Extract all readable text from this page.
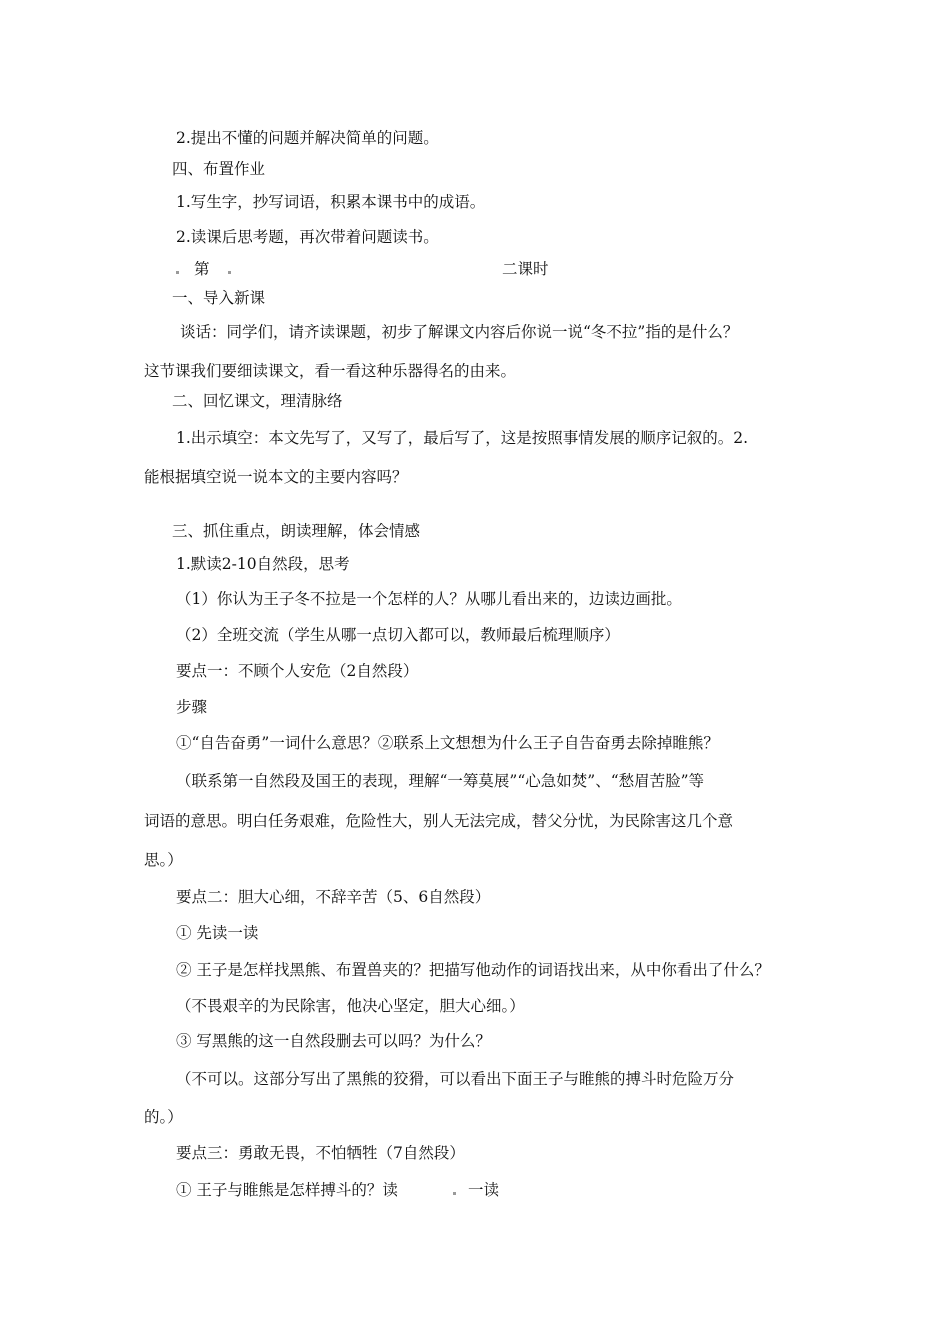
2.提出不懂的问题并解决简单的问题。
四、布置作业
1.写生字，抄写词语，积累本课书中的成语。
2.读课后思考题，再次带着问题读书。
第	二课时
一、导入新课
谈话：同学们，请齐读课题，初步了解课文内容后你说一说“冬不拉”指的是什么？
这节课我们要细读课文，看一看这种乐器得名的由来。
二、回忆课文，理清脉络
1.出示填空：本文先写了，又写了，最后写了，这是按照事情发展的顺序记叙的。2.
能根据填空说一说本文的主要内容吗？
三、抓住重点，朗读理解，体会情感
1.默读2-10自然段，思考
（1）你认为王子冬不拉是一个怎样的人？从哪儿看出来的，边读边画批。
（2）全班交流（学生从哪一点切入都可以，教师最后梳理顺序）
要点一：不顾个人安危（2自然段）
步骤
①“自告奋勇”一词什么意思？②联系上文想想为什么王子自告奋勇去除掉睢熊？
（联系第一自然段及国王的表现，理解“一筹莫展”“心急如焚”、“愁眉苦脸”等
词语的意思。明白任务艰难，危险性大，别人无法完成，替父分忧，为民除害这几个意
思。）
要点二：胆大心细，不辞辛苦（5、6自然段）
① 先读一读
② 王子是怎样找黑熊、布置兽夹的？把描写他动作的词语找出来，从中你看出了什么？
（不畏艰辛的为民除害，他决心坚定，胆大心细。）
③ 写黑熊的这一自然段删去可以吗？为什么？
（不可以。这部分写出了黑熊的狡猾，可以看出下面王子与睢熊的搏斗时危险万分
的。）
要点三：勇敢无畏，不怕牺牲（7自然段）
① 王子与睢熊是怎样搏斗的？读	一读
